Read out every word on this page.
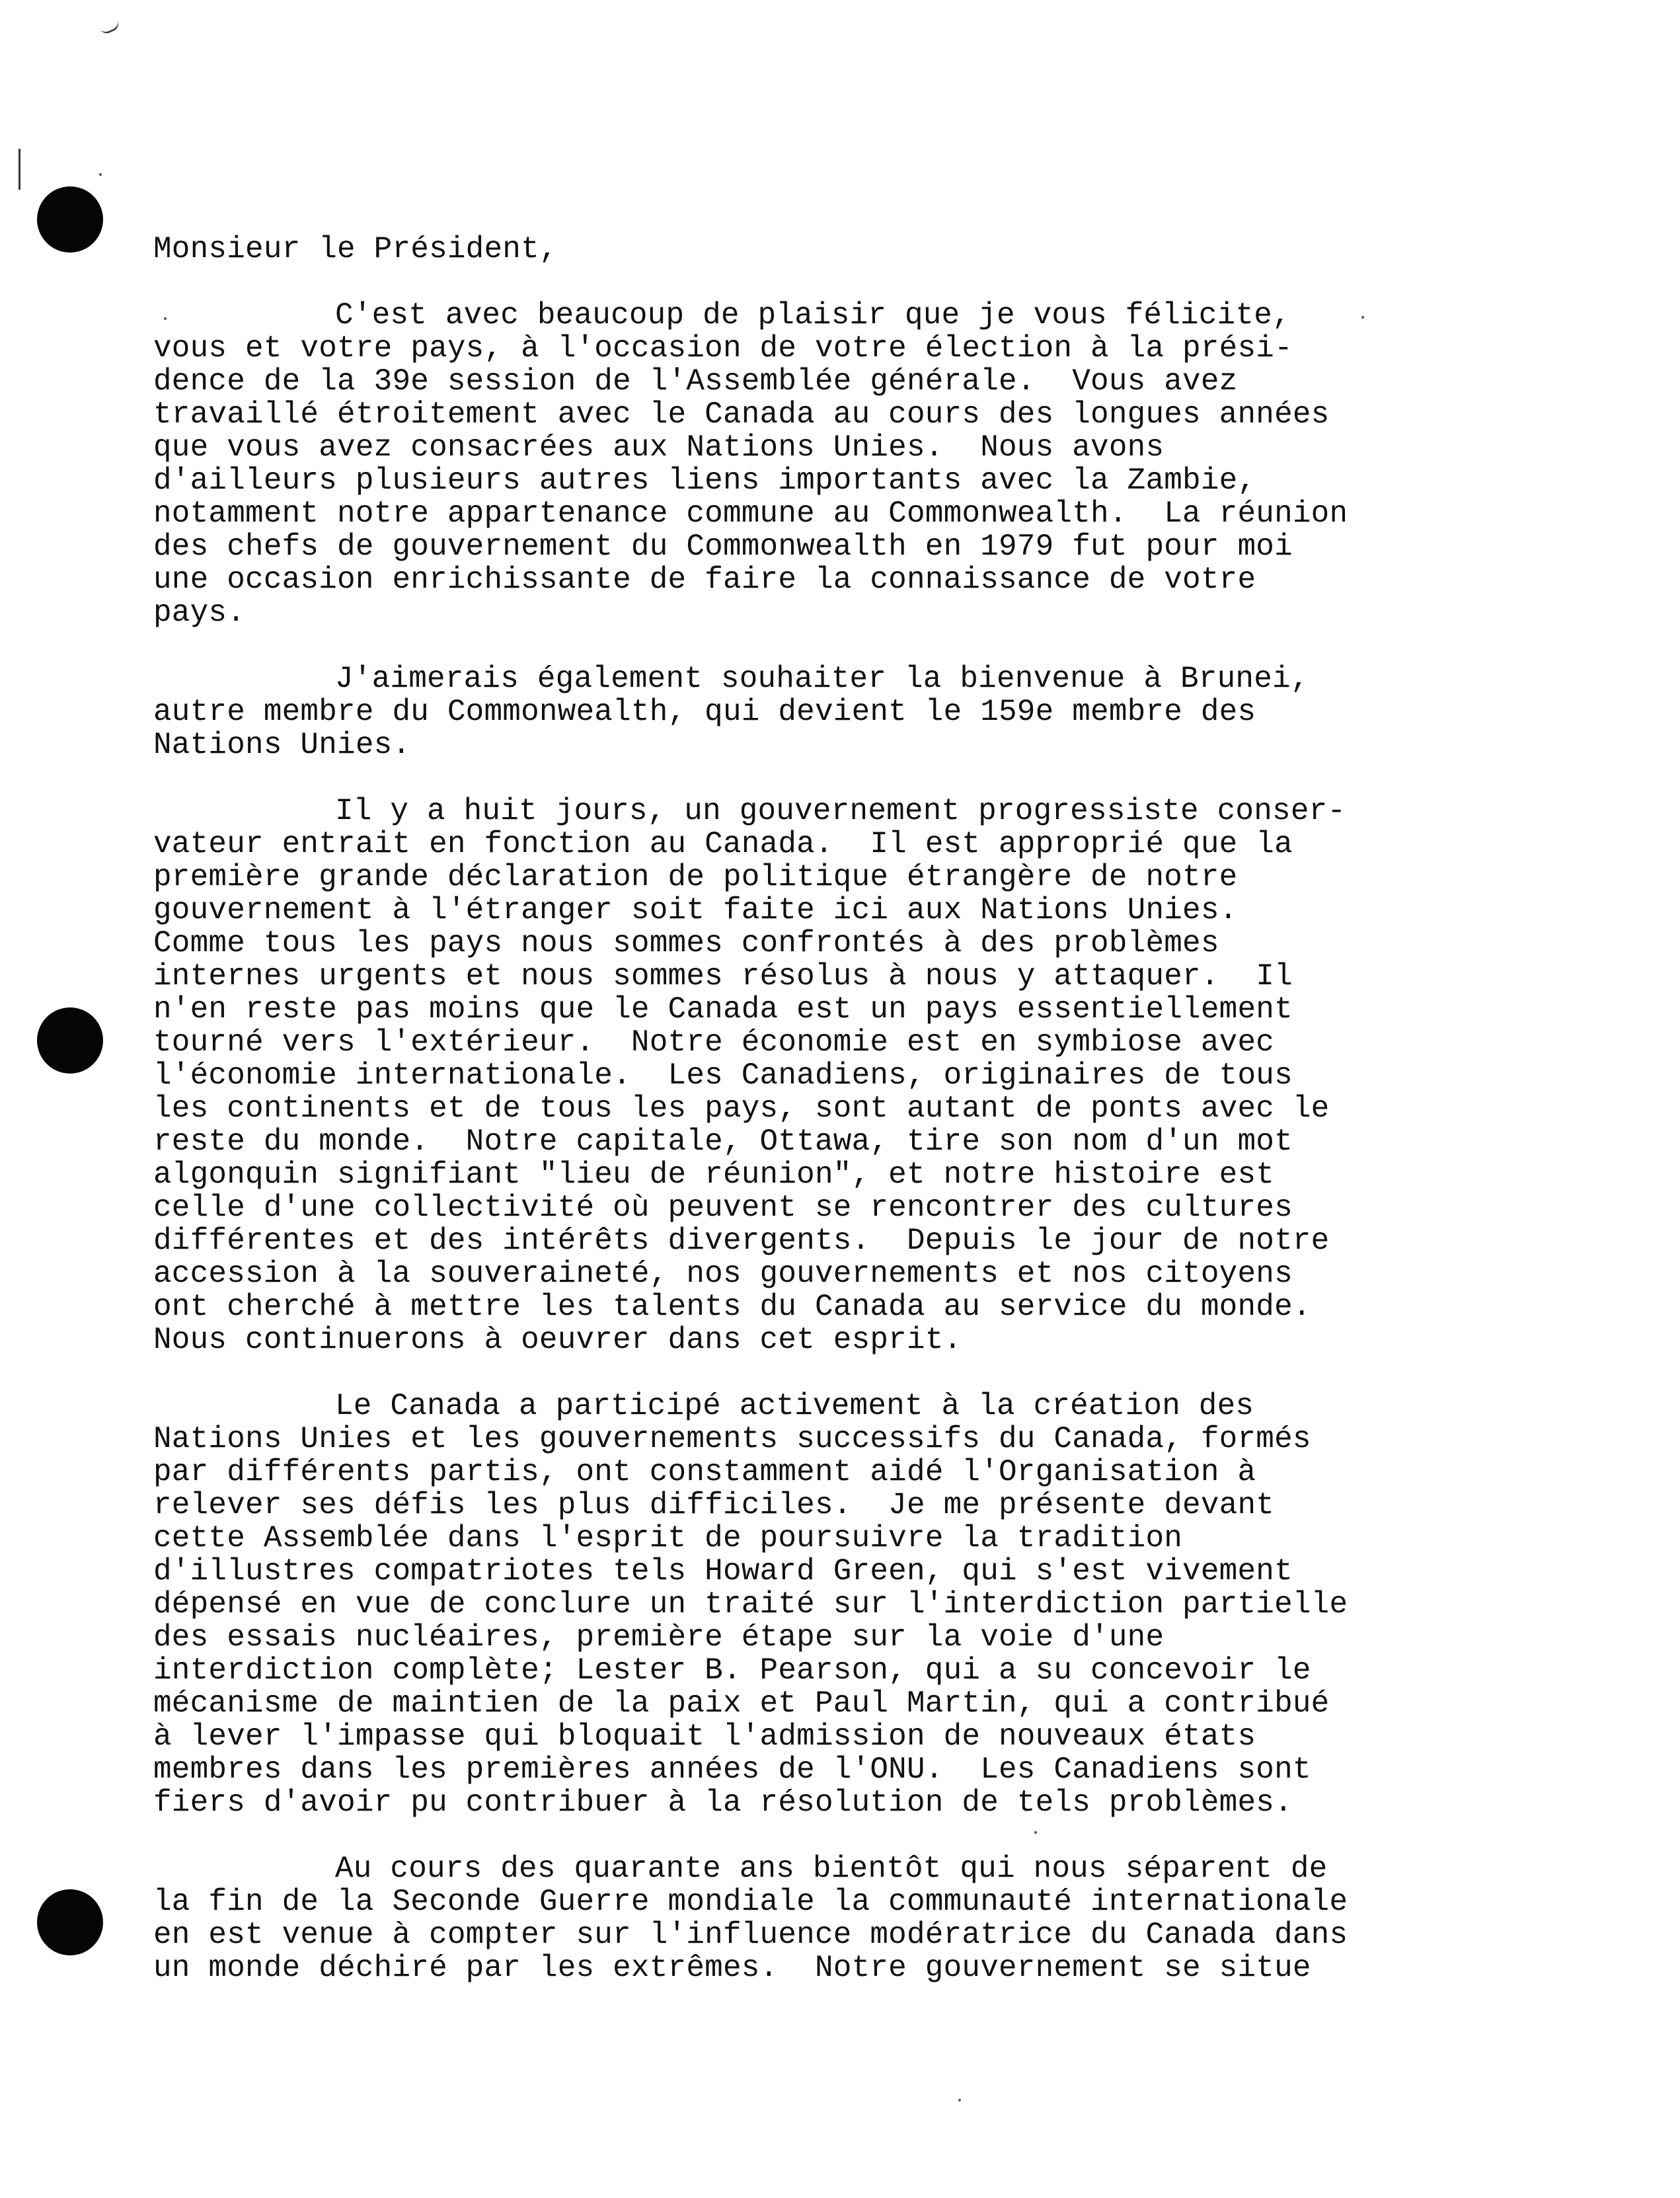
Monsieur le Président,
C'est avec beaucoup de plaisir que je vous félicite,
vous et votre pays, à l'occasion de votre élection à la prési-
dence de la 39e session de l'Assemblée générale.  Vous avez
travaillé étroitement avec le Canada au cours des longues années
que vous avez consacrées aux Nations Unies.  Nous avons
d'ailleurs plusieurs autres liens importants avec la Zambie,
notamment notre appartenance commune au Commonwealth.  La réunion
des chefs de gouvernement du Commonwealth en 1979 fut pour moi
une occasion enrichissante de faire la connaissance de votre
pays.
J'aimerais également souhaiter la bienvenue à Brunei,
autre membre du Commonwealth, qui devient le 159e membre des
Nations Unies.
Il y a huit jours, un gouvernement progressiste conser-
vateur entrait en fonction au Canada.  Il est approprié que la
première grande déclaration de politique étrangère de notre
gouvernement à l'étranger soit faite ici aux Nations Unies.
Comme tous les pays nous sommes confrontés à des problèmes
internes urgents et nous sommes résolus à nous y attaquer.  Il
n'en reste pas moins que le Canada est un pays essentiellement
tourné vers l'extérieur.  Notre économie est en symbiose avec
l'économie internationale.  Les Canadiens, originaires de tous
les continents et de tous les pays, sont autant de ponts avec le
reste du monde.  Notre capitale, Ottawa, tire son nom d'un mot
algonquin signifiant "lieu de réunion", et notre histoire est
celle d'une collectivité où peuvent se rencontrer des cultures
différentes et des intérêts divergents.  Depuis le jour de notre
accession à la souveraineté, nos gouvernements et nos citoyens
ont cherché à mettre les talents du Canada au service du monde.
Nous continuerons à oeuvrer dans cet esprit.
Le Canada a participé activement à la création des
Nations Unies et les gouvernements successifs du Canada, formés
par différents partis, ont constamment aidé l'Organisation à
relever ses défis les plus difficiles.  Je me présente devant
cette Assemblée dans l'esprit de poursuivre la tradition
d'illustres compatriotes tels Howard Green, qui s'est vivement
dépensé en vue de conclure un traité sur l'interdiction partielle
des essais nucléaires, première étape sur la voie d'une
interdiction complète; Lester B. Pearson, qui a su concevoir le
mécanisme de maintien de la paix et Paul Martin, qui a contribué
à lever l'impasse qui bloquait l'admission de nouveaux états
membres dans les premières années de l'ONU.  Les Canadiens sont
fiers d'avoir pu contribuer à la résolution de tels problèmes.
Au cours des quarante ans bientôt qui nous séparent de
la fin de la Seconde Guerre mondiale la communauté internationale
en est venue à compter sur l'influence modératrice du Canada dans
un monde déchiré par les extrêmes.  Notre gouvernement se situe
